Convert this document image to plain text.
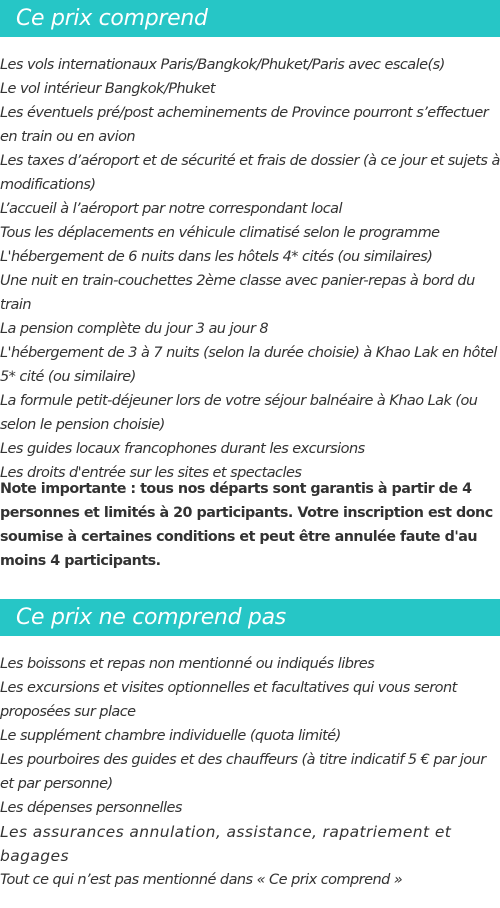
Ce prix comprend
Les vols internationaux Paris/Bangkok/Phuket/Paris avec escale(s)
Le vol intérieur Bangkok/Phuket
Les éventuels pré/post acheminements de Province pourront s’effectuer en train ou en avion
Les taxes d’aéroport et de sécurité et frais de dossier (à ce jour et sujets à modifications)
L’accueil à l’aéroport par notre correspondant local
Tous les déplacements en véhicule climatisé selon le programme
L'hébergement de 6 nuits dans les hôtels 4* cités (ou similaires)
Une nuit en train-couchettes 2ème classe avec panier-repas à bord du train
La pension complète du jour 3 au jour 8
L'hébergement de 3 à 7 nuits (selon la durée choisie) à Khao Lak en hôtel 5* cité (ou similaire)
La formule petit-déjeuner lors de votre séjour balnéaire à Khao Lak (ou selon le pension choisie)
Les guides locaux francophones durant les excursions
Les droits d'entrée sur les sites et spectacles

Note importante : tous nos départs sont garantis à partir de 4 personnes et limités à 20 participants. Votre inscription est donc soumise à certaines conditions et peut être annulée faute d'au moins 4 participants.

Ce prix ne comprend pas
Les boissons et repas non mentionné ou indiqués libres
Les excursions et visites optionnelles et facultatives qui vous seront proposées sur place
Le supplément chambre individuelle (quota limité)
Les pourboires des guides et des chauffeurs (à titre indicatif 5 € par jour et par personne)
Les dépenses personnelles
Les assurances annulation, assistance, rapatriement et bagages
Tout ce qui n’est pas mentionné dans « Ce prix comprend »
